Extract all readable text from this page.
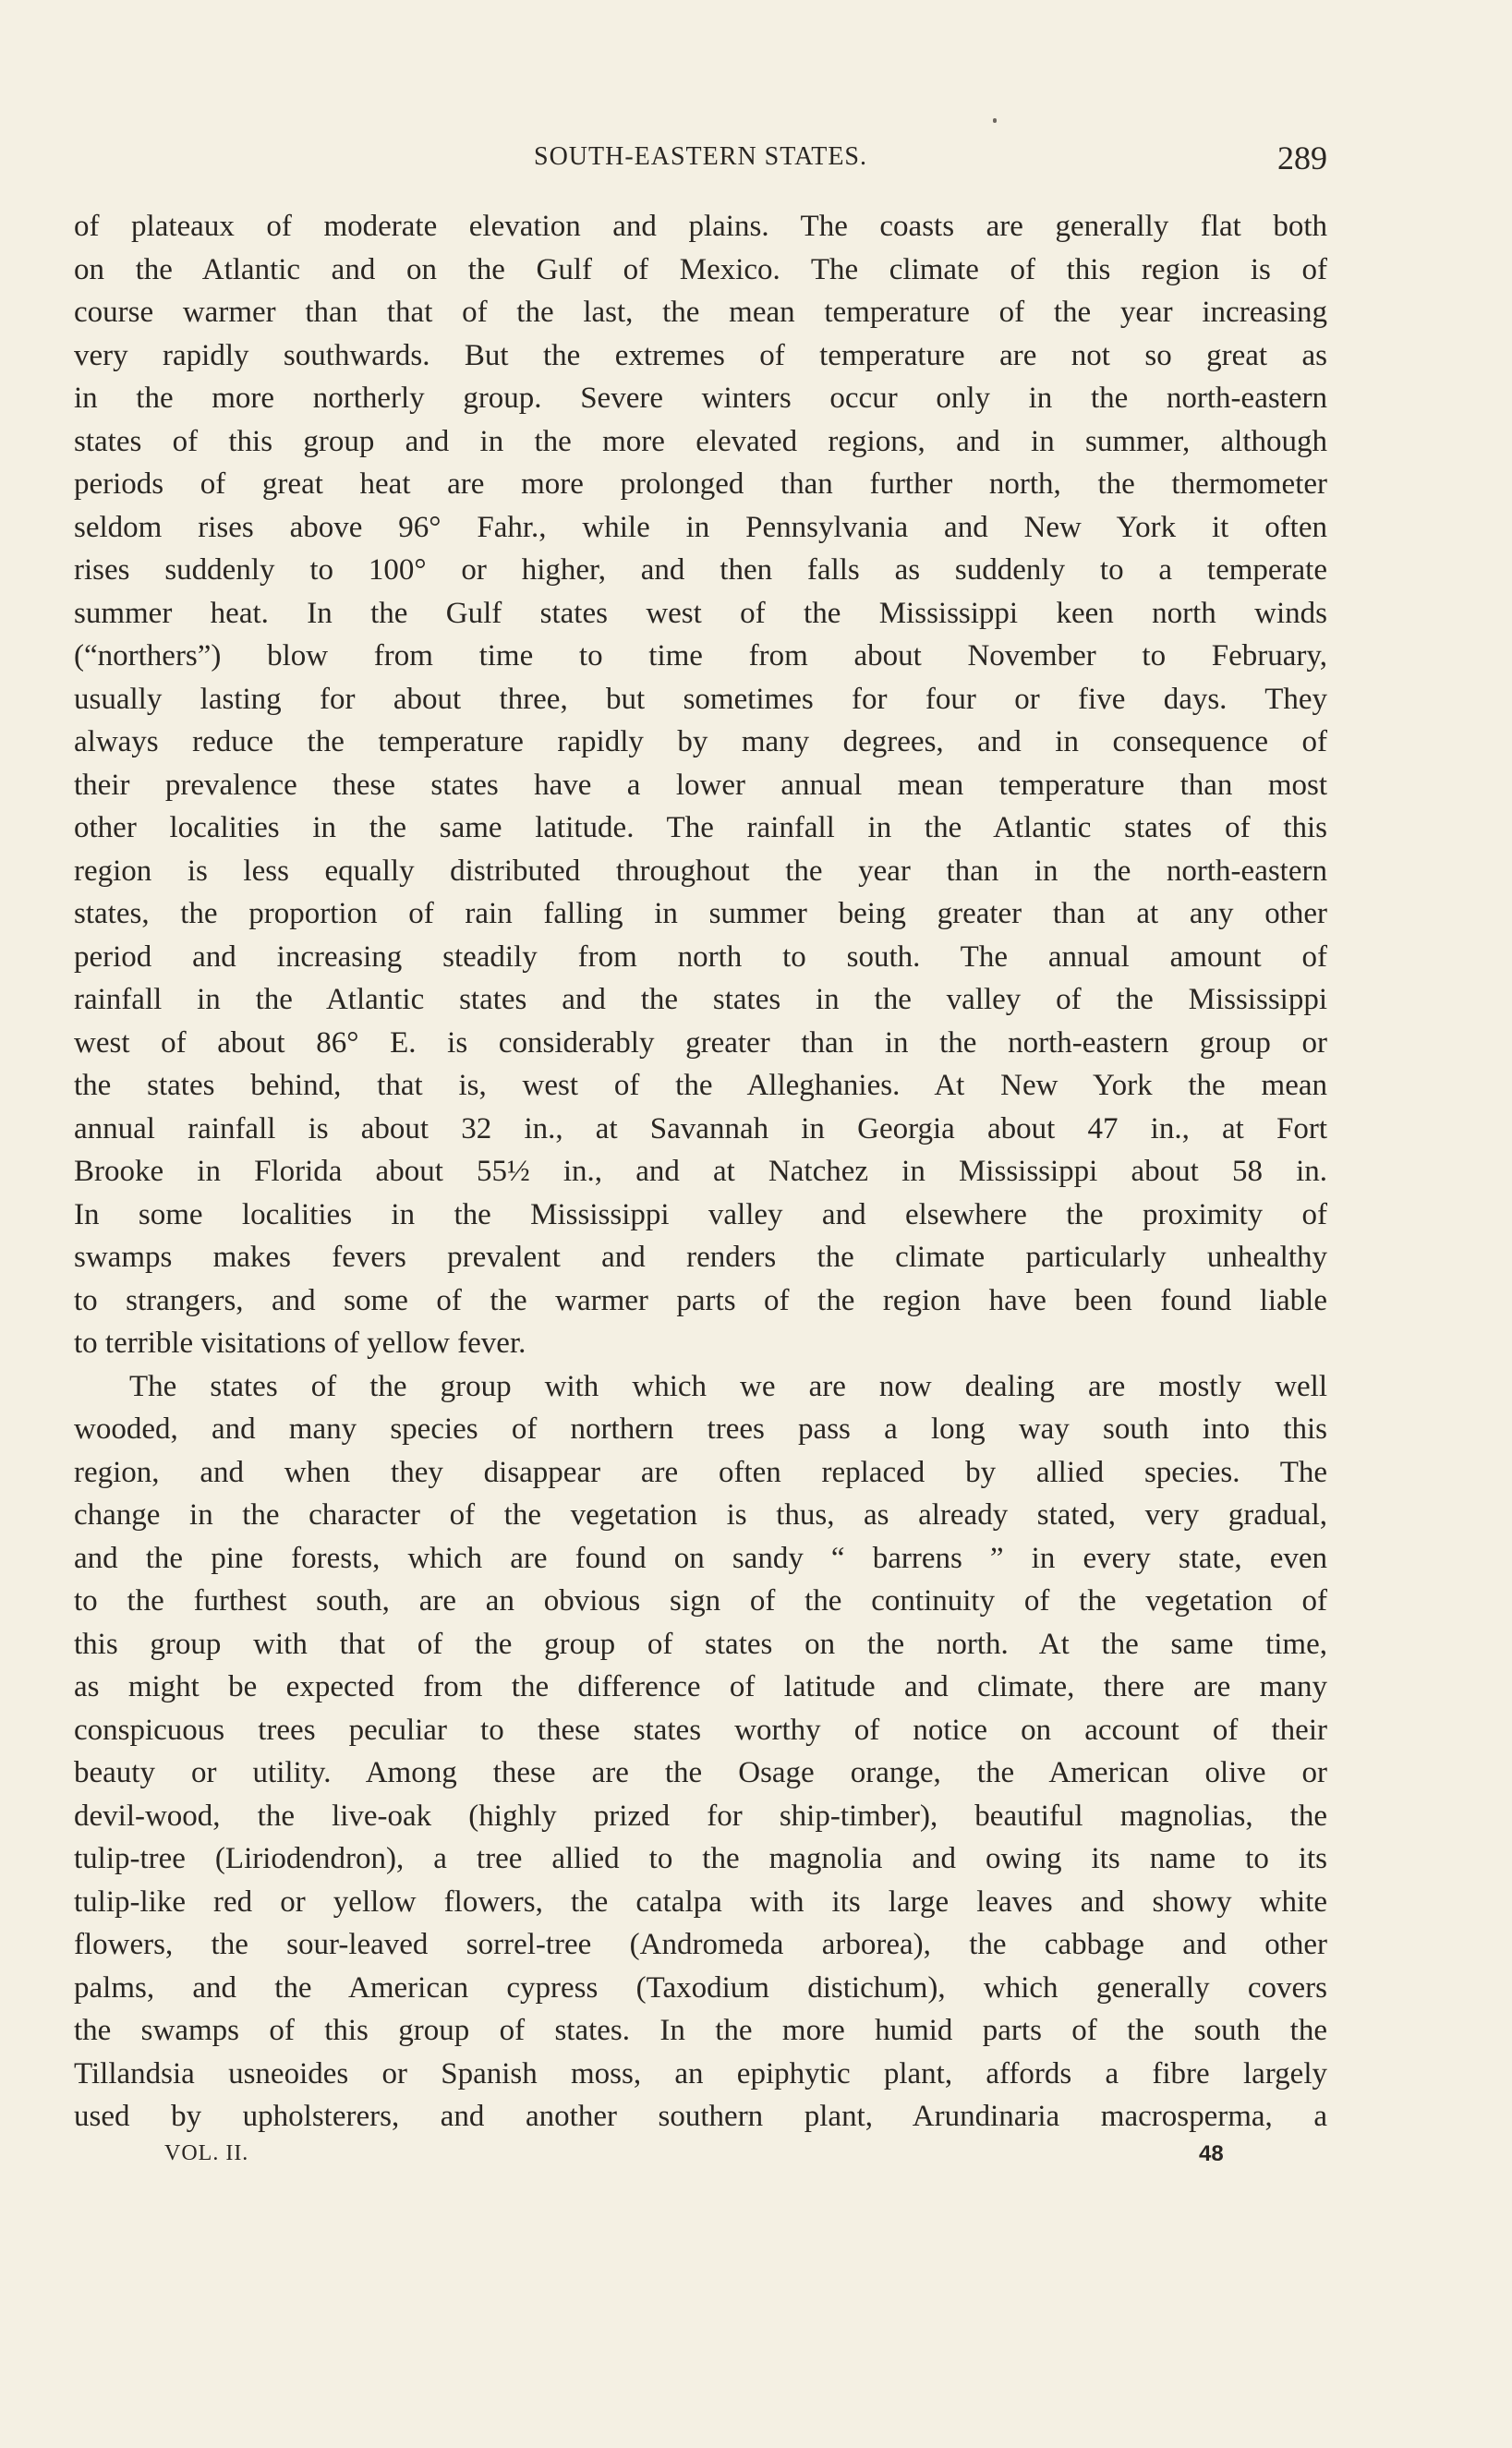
SOUTH-EASTERN STATES.	289
of plateaux of moderate elevation and plains. The coasts are generally flat both
on the Atlantic and on the Gulf of Mexico. The climate of this region is of
course warmer than that of the last, the mean temperature of the year increasing
very rapidly southwards. But the extremes of temperature are not so great as
in the more northerly group. Severe winters occur only in the north-eastern
states of this group and in the more elevated regions, and in summer, although
periods of great heat are more prolonged than further north, the thermometer
seldom rises above 96° Fahr., while in Pennsylvania and New York it often
rises suddenly to 100° or higher, and then falls as suddenly to a temperate
summer heat. In the Gulf states west of the Mississippi keen north winds
(“northers”) blow from time to time from about November to February,
usually lasting for about three, but sometimes for four or five days. They
always reduce the temperature rapidly by many degrees, and in consequence of
their prevalence these states have a lower annual mean temperature than most
other localities in the same latitude. The rainfall in the Atlantic states of this
region is less equally distributed throughout the year than in the north-eastern
states, the proportion of rain falling in summer being greater than at any other
period and increasing steadily from north to south. The annual amount of
rainfall in the Atlantic states and the states in the valley of the Mississippi
west of about 86° E. is considerably greater than in the north-eastern group or
the states behind, that is, west of the Alleghanies. At New York the mean
annual rainfall is about 32 in., at Savannah in Georgia about 47 in., at Fort
Brooke in Florida about 55½ in., and at Natchez in Mississippi about 58 in.
In some localities in the Mississippi valley and elsewhere the proximity of
swamps makes fevers prevalent and renders the climate particularly unhealthy
to strangers, and some of the warmer parts of the region have been found liable
to terrible visitations of yellow fever.
The states of the group with which we are now dealing are mostly well
wooded, and many species of northern trees pass a long way south into this
region, and when they disappear are often replaced by allied species. The
change in the character of the vegetation is thus, as already stated, very gradual,
and the pine forests, which are found on sandy “ barrens ” in every state, even
to the furthest south, are an obvious sign of the continuity of the vegetation of
this group with that of the group of states on the north. At the same time,
as might be expected from the difference of latitude and climate, there are many
conspicuous trees peculiar to these states worthy of notice on account of their
beauty or utility. Among these are the Osage orange, the American olive or
devil-wood, the live-oak (highly prized for ship-timber), beautiful magnolias, the
tulip-tree (Liriodendron), a tree allied to the magnolia and owing its name to its
tulip-like red or yellow flowers, the catalpa with its large leaves and showy white
flowers, the sour-leaved sorrel-tree (Andromeda arborea), the cabbage and other
palms, and the American cypress (Taxodium distichum), which generally covers
the swamps of this group of states. In the more humid parts of the south the
Tillandsia usneoides or Spanish moss, an epiphytic plant, affords a fibre largely
used by upholsterers, and another southern plant, Arundinaria macrosperma, a
VOL. II.	48
